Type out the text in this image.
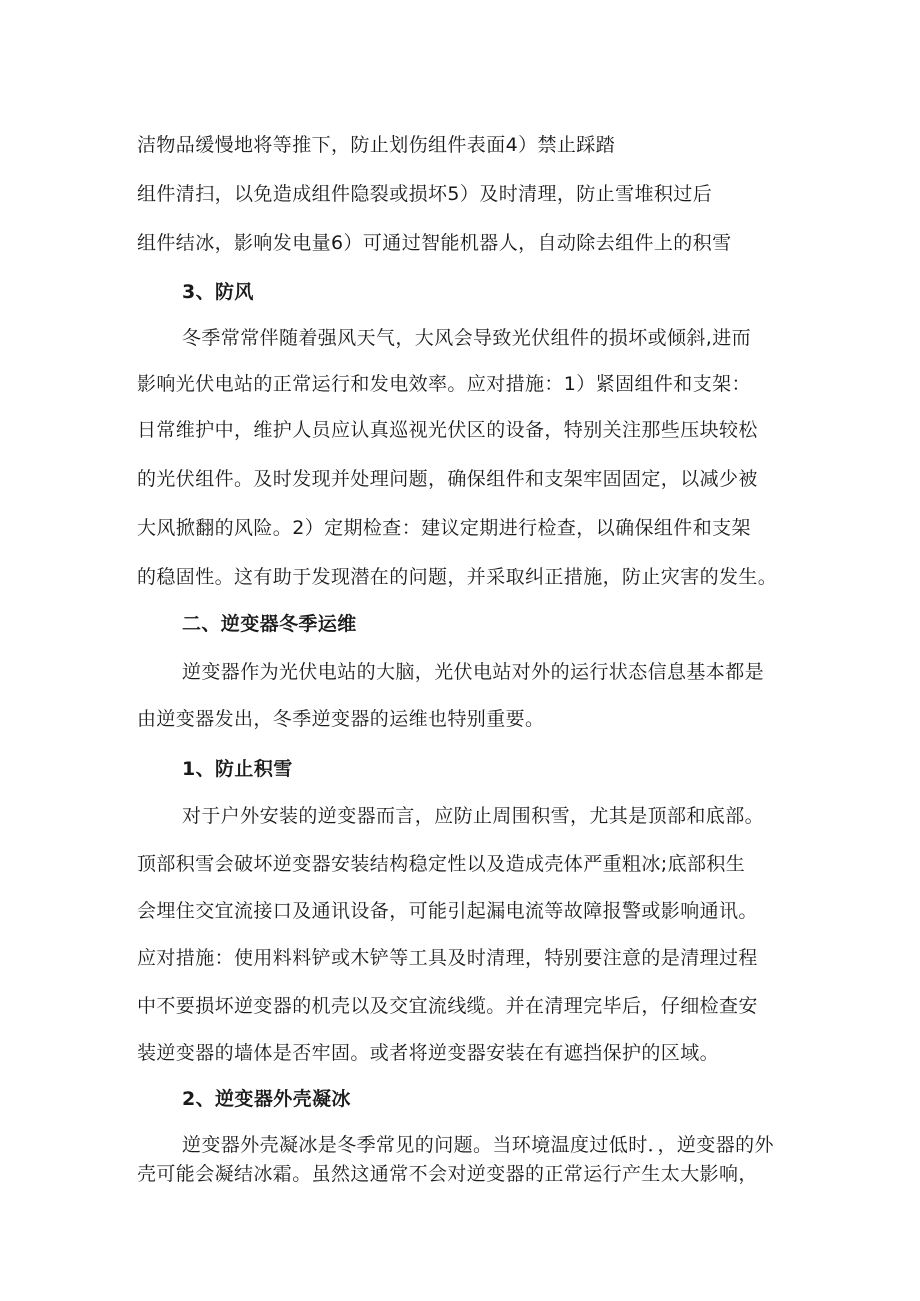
洁物品缓慢地将等推下，防止划伤组件表面4）禁止踩踏
组件清扫，以免造成组件隐裂或损坏5）及时清理，防止雪堆积过后
组件结冰，影响发电量6）可通过智能机器人，自动除去组件上的积雪
3、防风
冬季常常伴随着强风天气，大风会导致光伏组件的损坏或倾斜,进而
影响光伏电站的正常运行和发电效率。应对措施：1）紧固组件和支架：
日常维护中，维护人员应认真巡视光伏区的设备，特别关注那些压块较松
的光伏组件。及时发现并处理问题，确保组件和支架牢固固定，以减少被
大风掀翻的风险。2）定期检查：建议定期进行检查，以确保组件和支架
的稳固性。这有助于发现潜在的问题，并采取纠正措施，防止灾害的发生。
二、逆变器冬季运维
逆变器作为光伏电站的大脑，光伏电站对外的运行状态信息基本都是
由逆变器发出，冬季逆变器的运维也特别重要。
1、防止积雪
对于户外安装的逆变器而言，应防止周围积雪，尤其是顶部和底部。
顶部积雪会破坏逆变器安装结构稳定性以及造成壳体严重粗冰;底部积生
会埋住交宜流接口及通讯设备，可能引起漏电流等故障报警或影响通讯。
应对措施：使用料料铲或木铲等工具及时清理，特别要注意的是清理过程
中不要损坏逆变器的机壳以及交宜流线缆。并在清理完毕后，仔细检查安
装逆变器的墙体是否牢固。或者将逆变器安装在有遮挡保护的区域。
2、逆变器外壳凝冰
逆变器外壳凝冰是冬季常见的问题。当环境温度过低时．，逆变器的外
壳可能会凝结冰霜。虽然这通常不会对逆变器的正常运行产生太大影响，
